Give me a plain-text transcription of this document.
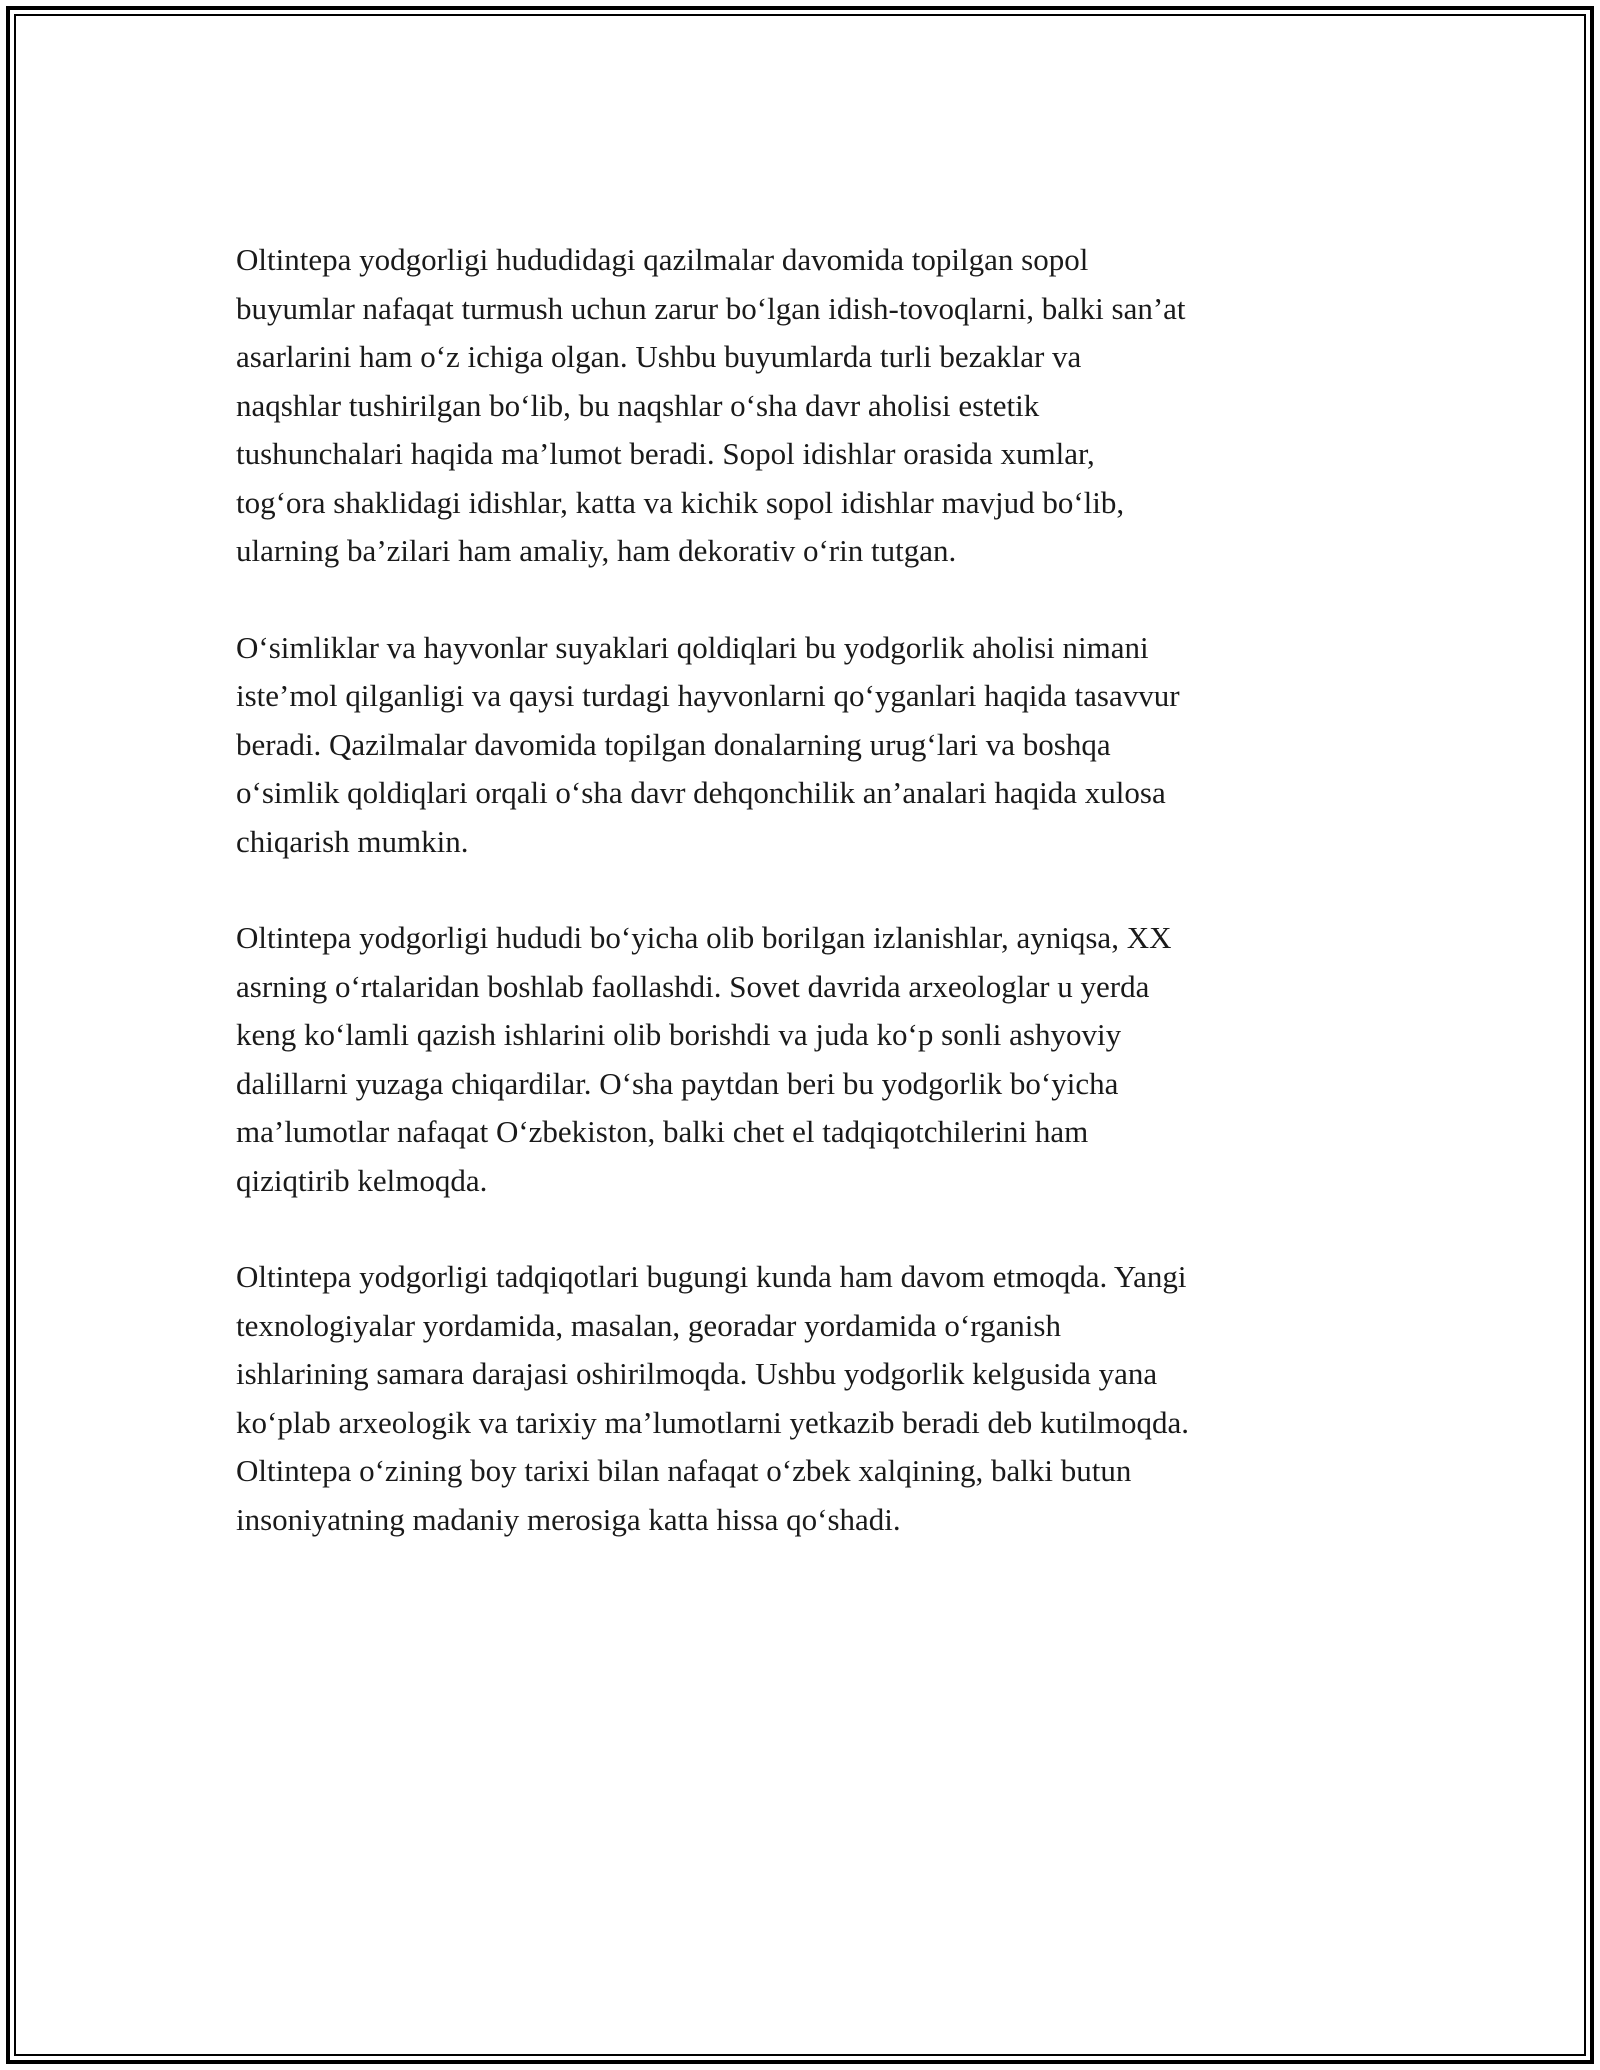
Oltintepa yodgorligi hududidagi qazilmalar davomida topilgan sopol
buyumlar nafaqat turmush uchun zarur bo‘lgan idish-tovoqlarni, balki san’at
asarlarini ham o‘z ichiga olgan. Ushbu buyumlarda turli bezaklar va
naqshlar tushirilgan bo‘lib, bu naqshlar o‘sha davr aholisi estetik
tushunchalari haqida ma’lumot beradi. Sopol idishlar orasida xumlar,
tog‘ora shaklidagi idishlar, katta va kichik sopol idishlar mavjud bo‘lib,
ularning ba’zilari ham amaliy, ham dekorativ o‘rin tutgan.

O‘simliklar va hayvonlar suyaklari qoldiqlari bu yodgorlik aholisi nimani
iste’mol qilganligi va qaysi turdagi hayvonlarni qo‘yganlari haqida tasavvur
beradi. Qazilmalar davomida topilgan donalarning urug‘lari va boshqa
o‘simlik qoldiqlari orqali o‘sha davr dehqonchilik an’analari haqida xulosa
chiqarish mumkin.

Oltintepa yodgorligi hududi bo‘yicha olib borilgan izlanishlar, ayniqsa, XX
asrning o‘rtalaridan boshlab faollashdi. Sovet davrida arxeologlar u yerda
keng ko‘lamli qazish ishlarini olib borishdi va juda ko‘p sonli ashyoviy
dalillarni yuzaga chiqardilar. O‘sha paytdan beri bu yodgorlik bo‘yicha
ma’lumotlar nafaqat O‘zbekiston, balki chet el tadqiqotchilerini ham
qiziqtirib kelmoqda.

Oltintepa yodgorligi tadqiqotlari bugungi kunda ham davom etmoqda. Yangi
texnologiyalar yordamida, masalan, georadar yordamida o‘rganish
ishlarining samara darajasi oshirilmoqda. Ushbu yodgorlik kelgusida yana
ko‘plab arxeologik va tarixiy ma’lumotlarni yetkazib beradi deb kutilmoqda.
Oltintepa o‘zining boy tarixi bilan nafaqat o‘zbek xalqining, balki butun
insoniyatning madaniy merosiga katta hissa qo‘shadi.
